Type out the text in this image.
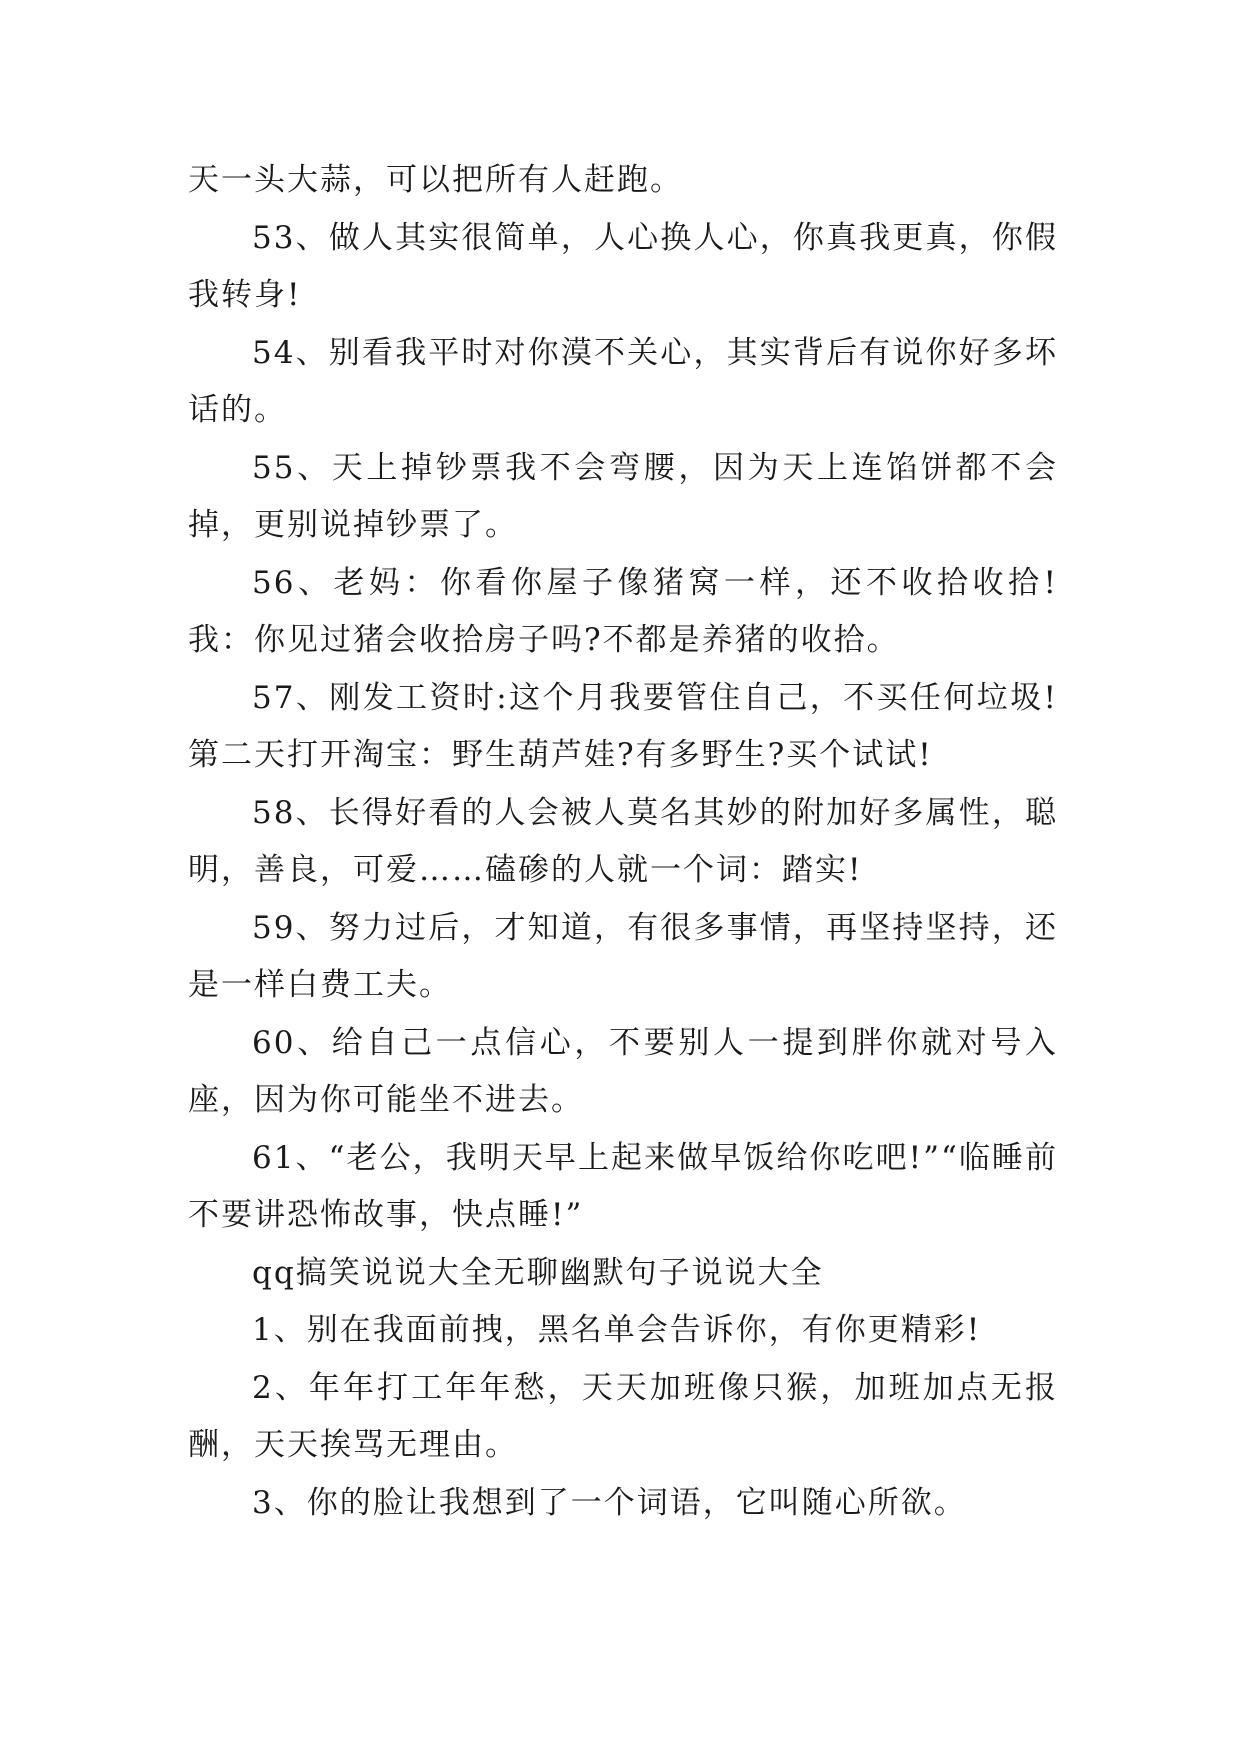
天一头大蒜，可以把所有人赶跑。

53、做人其实很简单，人心换人心，你真我更真，你假我转身!

54、别看我平时对你漠不关心，其实背后有说你好多坏话的。

55、天上掉钞票我不会弯腰，因为天上连馅饼都不会掉，更别说掉钞票了。

56、老妈：你看你屋子像猪窝一样，还不收拾收拾!我：你见过猪会收拾房子吗?不都是养猪的收拾。

57、刚发工资时:这个月我要管住自己，不买任何垃圾!第二天打开淘宝：野生葫芦娃?有多野生?买个试试!

58、长得好看的人会被人莫名其妙的附加好多属性，聪明，善良，可爱……磕碜的人就一个词：踏实!

59、努力过后，才知道，有很多事情，再坚持坚持，还是一样白费工夫。

60、给自己一点信心，不要别人一提到胖你就对号入座，因为你可能坐不进去。

61、“老公，我明天早上起来做早饭给你吃吧!”“临睡前不要讲恐怖故事，快点睡!”

qq搞笑说说大全无聊幽默句子说说大全

1、别在我面前拽，黑名单会告诉你，有你更精彩!

2、年年打工年年愁，天天加班像只猴，加班加点无报酬，天天挨骂无理由。

3、你的脸让我想到了一个词语，它叫随心所欲。
